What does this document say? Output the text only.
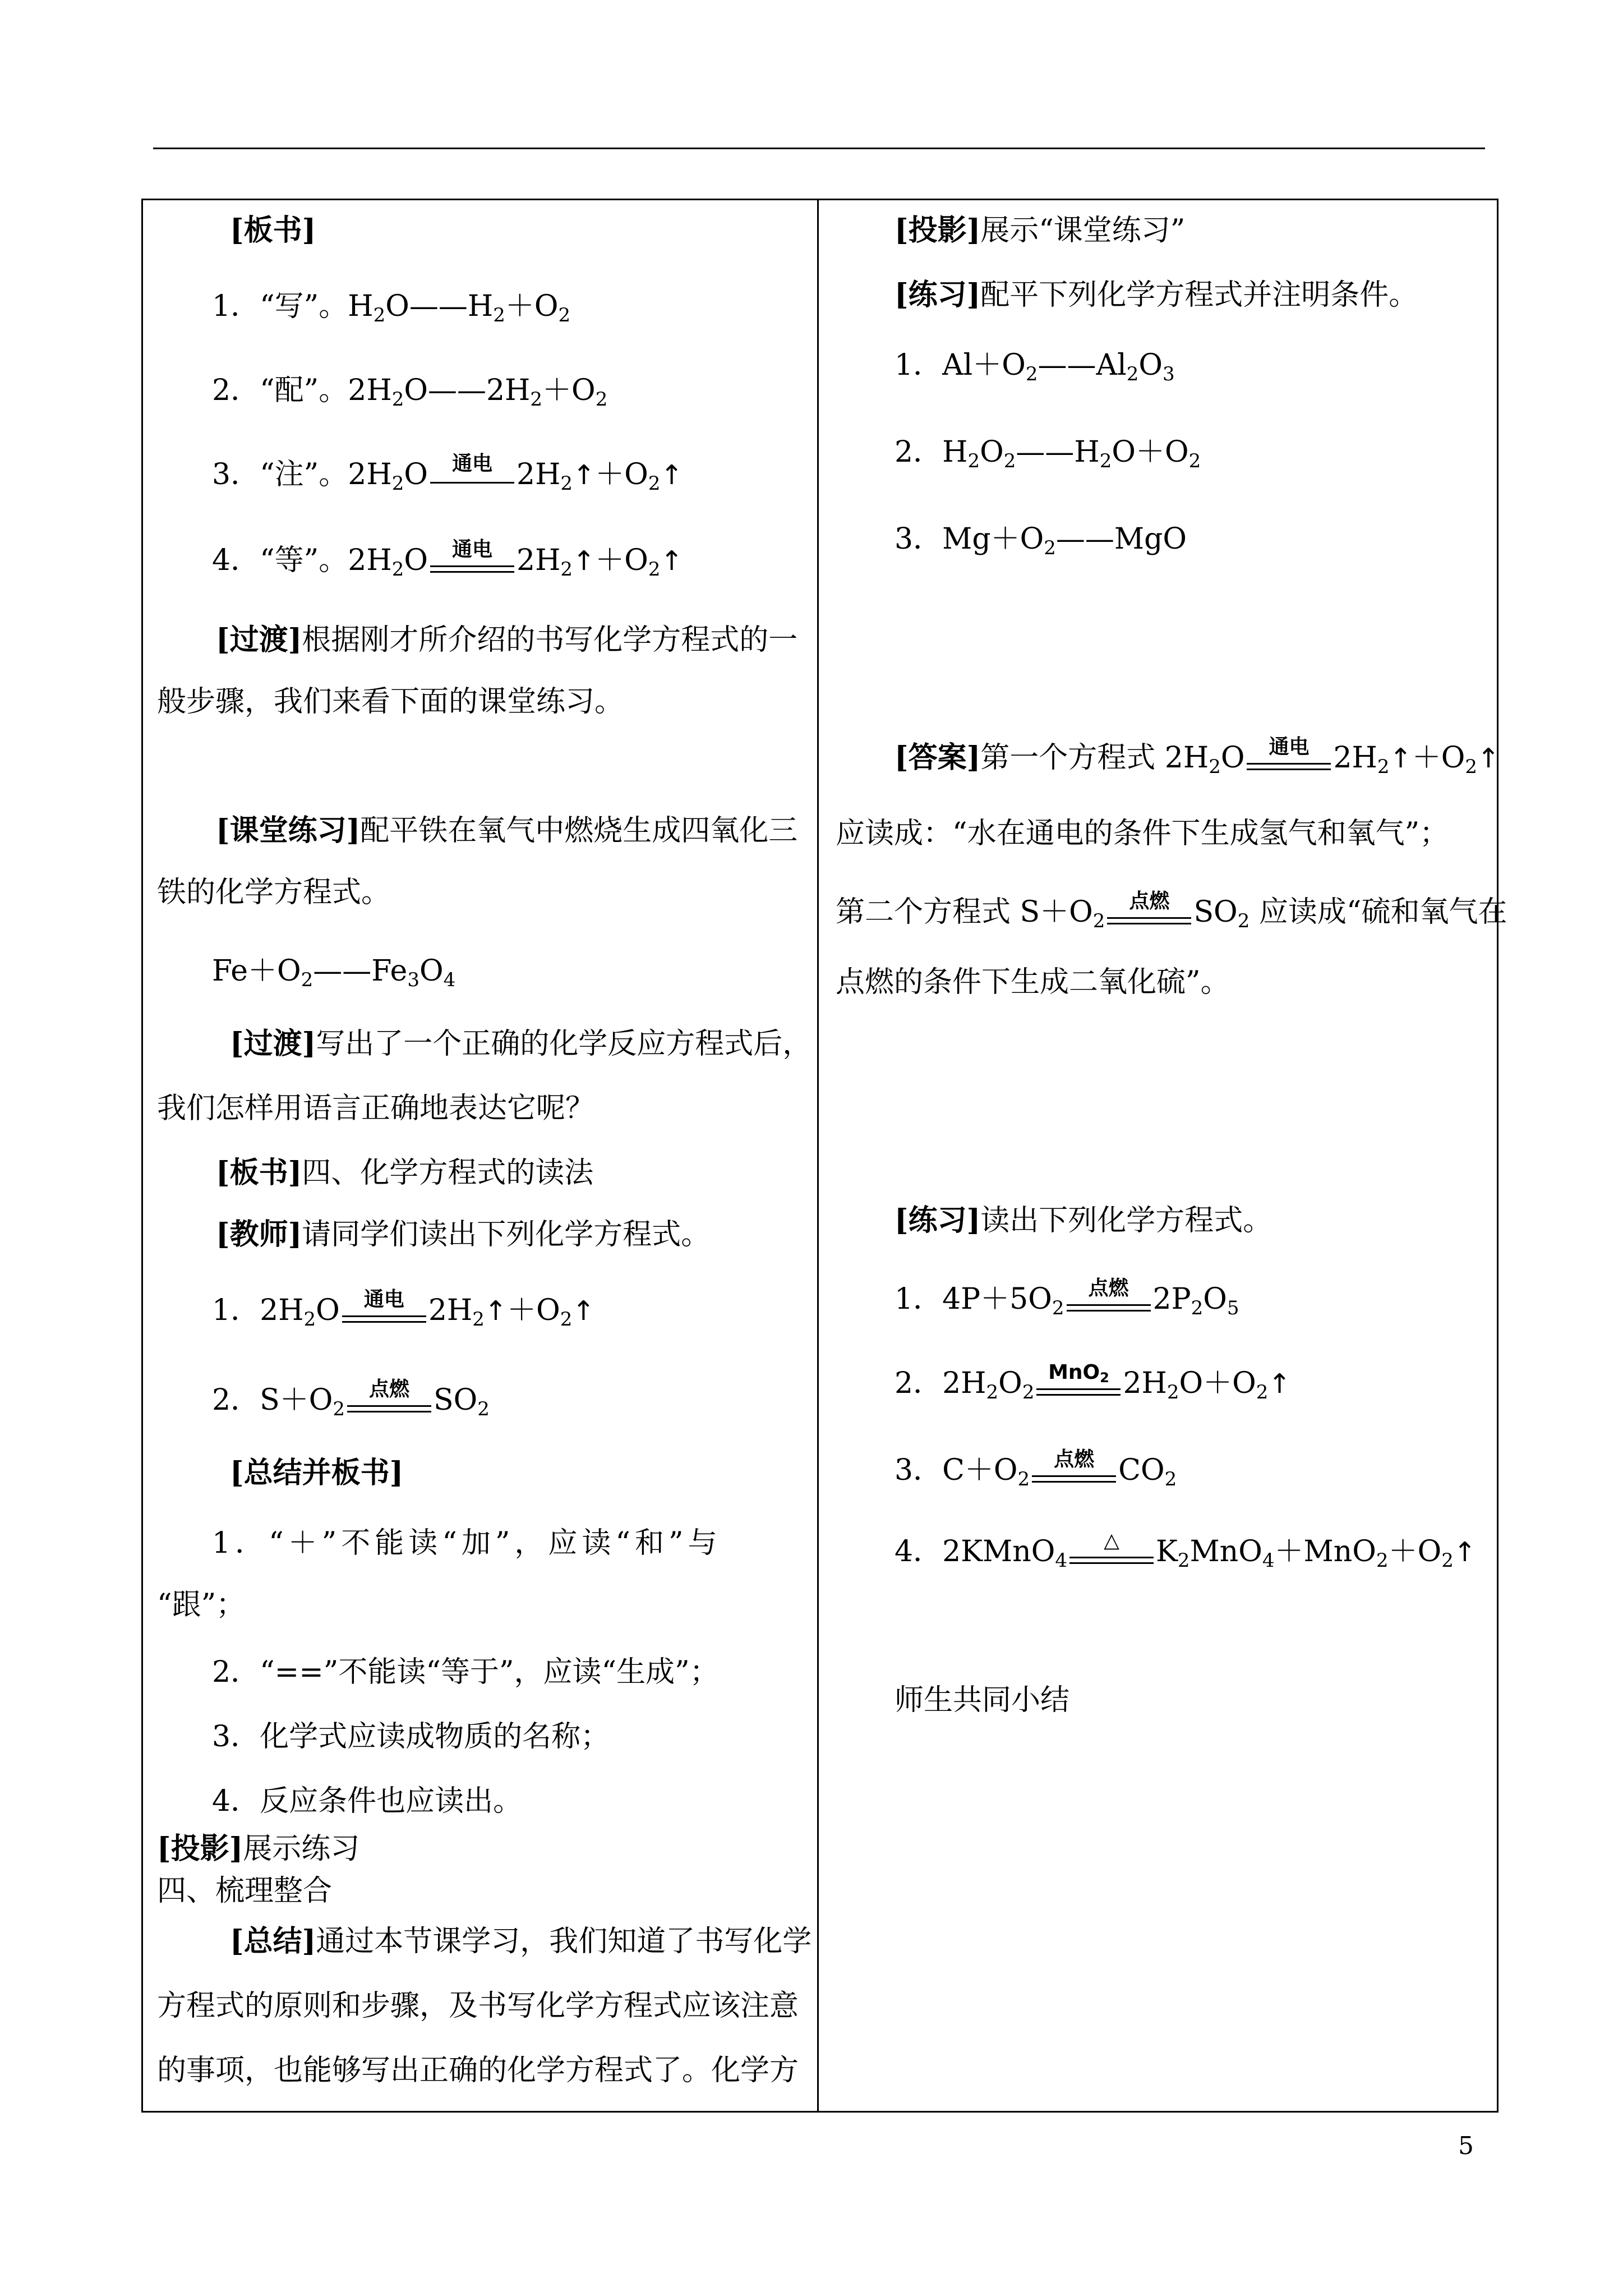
[板书]
1．“写”。$H_2O——H_2+O_2$
2．“配”。$2H_2O——2H_2+O_2$
3．“注”。$2H_2O$	通电 $2H_2↑+O_2↑$
4．“等”。$2H_2O$	通电 $2H_2↑+O_2↑$
[过渡]根据刚才所介绍的书写化学方程式的一
般步骤，我们来看下面的课堂练习。
[课堂练习]配平铁在氧气中燃烧生成四氧化三
铁的化学方程式。
$Fe+O_2——Fe_3O_4$
[过渡]写出了一个正确的化学反应方程式后，
我们怎样用语言正确地表达它呢？
[板书]四、化学方程式的读法
[教师]请同学们读出下列化学方程式。
1．$2H_2O$	通电 $2H_2↑+O_2↑$
2．$S+O_2$
点燃 $SO_2$
[总结并板书]
1．“＋”不能读“加”，应读“和”与
“跟”；
2．“==”不能读“等于”，应读“生成”；
3．化学式应读成物质的名称；
4．反应条件也应读出。
[投影]展示练习
四、梳理整合
[总结]通过本节课学习，我们知道了书写化学
方程式的原则和步骤，及书写化学方程式应该注意
的事项，也能够写出正确的化学方程式了。化学方
[投影]展示“课堂练习”
[练习]配平下列化学方程式并注明条件。
1．$Al+O_2——Al_2O_3$
2．$H_2O_2——H_2O+O_2$
3．$Mg+O_2——MgO$
[答案]第一个方程式 $2H_2O$	通电 $2H_2↑+O_2↑$
应读成：“水在通电的条件下生成氢气和氧气”；
第二个方程式 $S+O_2$
点燃 $SO_2$ 应读成“硫和氧气在
点燃的条件下生成二氧化硫”。
[练习]读出下列化学方程式。
1．$4P+5O_2$
点燃 $2P_2O_5$
2．$2H_2O_2$
MnO$_2$ $2H_2O+O_2↑$
3．$C+O_2$
点燃 $CO_2$
4．2KMnO$_4$
△	$K_2MnO_4+MnO_2+O_2↑$
师生共同小结
5
